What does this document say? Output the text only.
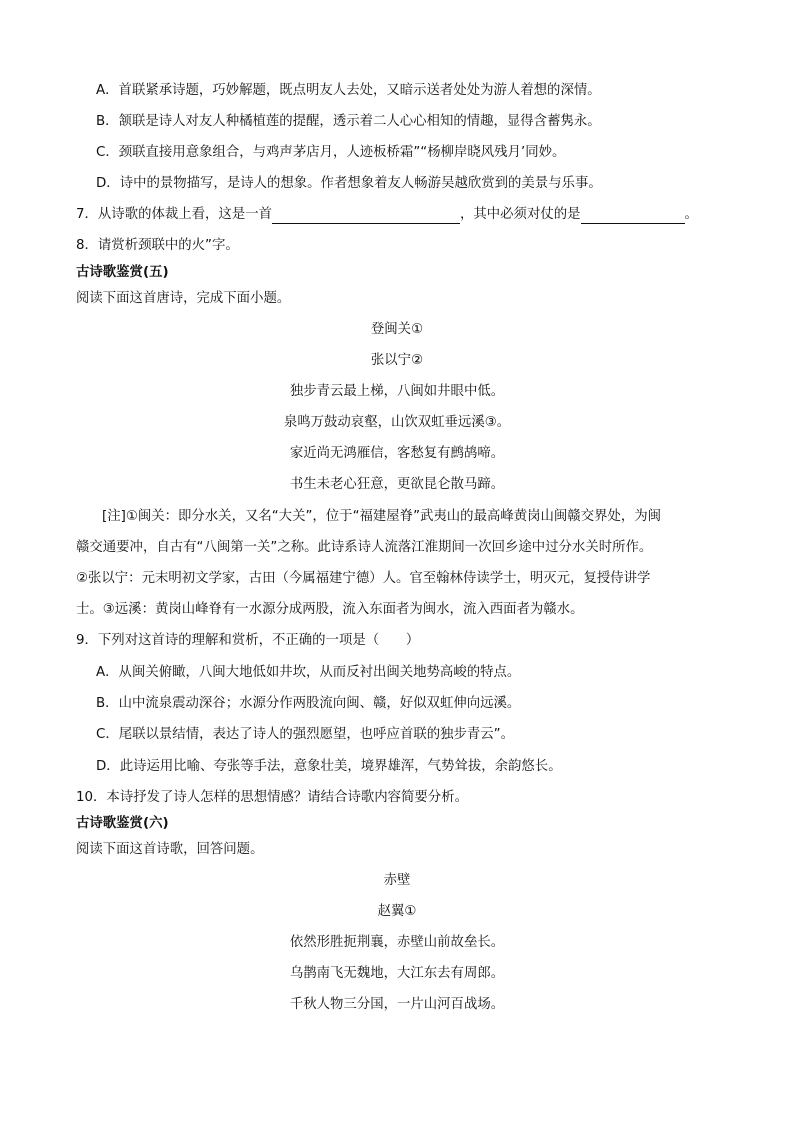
A．首联紧承诗题，巧妙解题，既点明友人去处，又暗示送者处处为游人着想的深情。
B．颔联是诗人对友人种橘植莲的提醒，透示着二人心心相知的情趣，显得含蓄隽永。
C．颈联直接用意象组合，与鸡声茅店月，人迹板桥霜”“杨柳岸晓风残月’同妙。
D．诗中的景物描写，是诗人的想象。作者想象着友人畅游吴越欣赏到的美景与乐事。
7．从诗歌的体裁上看，这是一首	，其中必须对仗的是	。
8．请赏析颈联中的火”字。
古诗歌鉴赏(五)
阅读下面这首唐诗，完成下面小题。
登闽关①
张以宁②
独步青云最上梯，八闽如井眼中低。
泉鸣万鼓动哀壑，山饮双虹垂远溪③。
家近尚无鸿雁信，客愁复有鹧鸪啼。
书生未老心狂意，更欲昆仑散马蹄。
[注]①闽关：即分水关，又名“大关”，位于“福建屋脊”武夷山的最高峰黄岗山闽赣交界处，为闽
赣交通要冲，自古有“八闽第一关”之称。此诗系诗人流落江淮期间一次回乡途中过分水关时所作。
②张以宁：元末明初文学家，古田（今属福建宁德）人。官至翰林侍读学士，明灭元，复授侍讲学
士。③远溪：黄岗山峰脊有一水源分成两股，流入东面者为闽水，流入西面者为赣水。
9．下列对这首诗的理解和赏析，不正确的一项是（　　）
A．从闽关俯瞰，八闽大地低如井坎，从而反衬出闽关地势高峻的特点。
B．山中流泉震动深谷；水源分作两股流向闽、赣，好似双虹伸向远溪。
C．尾联以景结情，表达了诗人的强烈愿望，也呼应首联的独步青云”。
D．此诗运用比喻、夸张等手法，意象壮美，境界雄浑，气势耸拔，余韵悠长。
10．本诗抒发了诗人怎样的思想情感？请结合诗歌内容简要分析。
古诗歌鉴赏(六)
阅读下面这首诗歌，回答问题。
赤壁
赵翼①
依然形胜扼荆襄，赤壁山前故垒长。
乌鹊南飞无魏地，大江东去有周郎。
千秋人物三分国，一片山河百战场。
